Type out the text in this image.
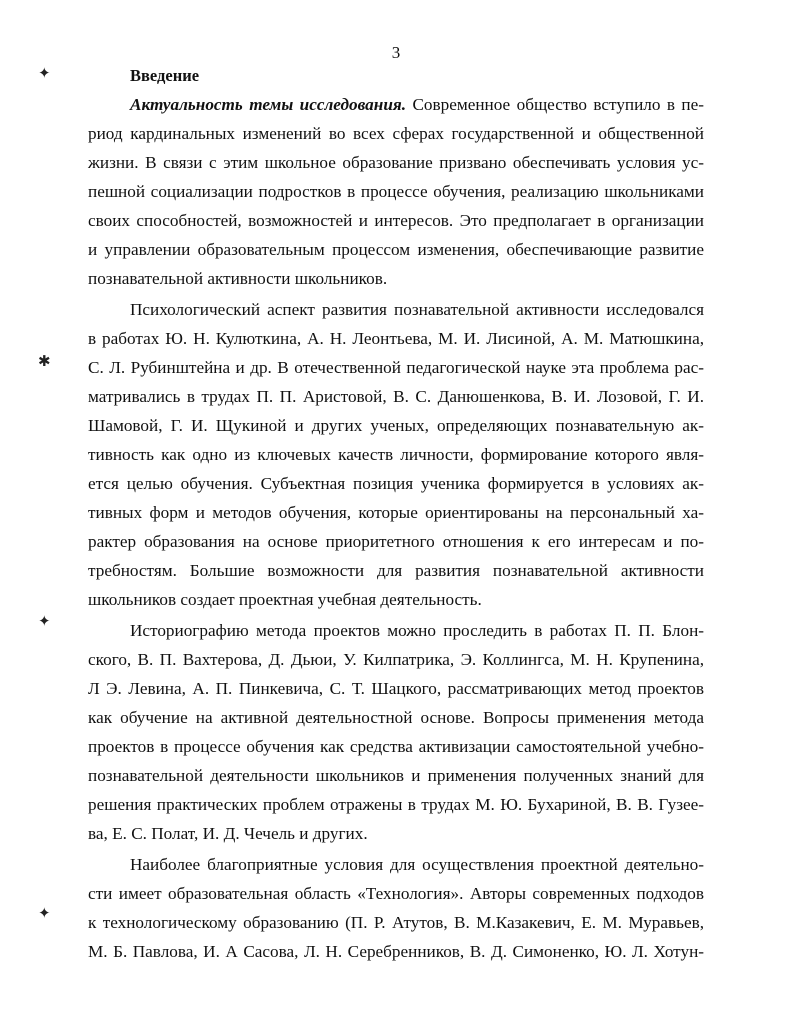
3
✦
✱
✦
✦
Введение
Актуальность темы исследования. Современное общество вступило в пе-
риод кардинальных изменений во всех сферах государственной и общественной
жизни. В связи с этим школьное образование призвано обеспечивать условия ус-
пешной социализации подростков в процессе обучения, реализацию школьниками
своих способностей, возможностей и интересов. Это предполагает в организации
и управлении образовательным процессом изменения, обеспечивающие развитие
познавательной активности школьников.
Психологический аспект развития познавательной активности исследовался
в работах Ю. Н. Кулюткина, А. Н. Леонтьева, М. И. Лисиной, А. М. Матюшкина,
С. Л. Рубинштейна и др. В отечественной педагогической науке эта проблема рас-
матривались в трудах П. П. Аристовой, В. С. Данюшенкова, В. И. Лозовой, Г. И.
Шамовой, Г. И. Щукиной и других ученых, определяющих познавательную ак-
тивность как одно из ключевых качеств личности, формирование которого явля-
ется целью обучения. Субъектная позиция ученика формируется в условиях ак-
тивных форм и методов обучения, которые ориентированы на персональный ха-
рактер образования на основе приоритетного отношения к его интересам и по-
требностям. Большие возможности для развития познавательной активности
школьников создает проектная учебная деятельность.
Историографию метода проектов можно проследить в работах П. П. Блон-
ского, В. П. Вахтерова, Д. Дьюи, У. Килпатрика, Э. Коллингса, М. Н. Крупенина,
Л Э. Левина, А. П. Пинкевича, С. Т. Шацкого, рассматривающих метод проектов
как обучение на активной деятельностной основе. Вопросы применения метода
проектов в процессе обучения как средства активизации самостоятельной учебно-
познавательной деятельности школьников и применения полученных знаний для
решения практических проблем отражены в трудах М. Ю. Бухариной, В. В. Гузее-
ва, Е. С. Полат, И. Д. Чечель и других.
Наиболее благоприятные условия для осуществления проектной деятельно-
сти имеет образовательная область «Технология». Авторы современных подходов
к технологическому образованию (П. Р. Атутов, В. М.Казакевич, Е. М. Муравьев,
М. Б. Павлова, И. А Сасова, Л. Н. Серебренников, В. Д. Симоненко, Ю. Л. Хотун-
